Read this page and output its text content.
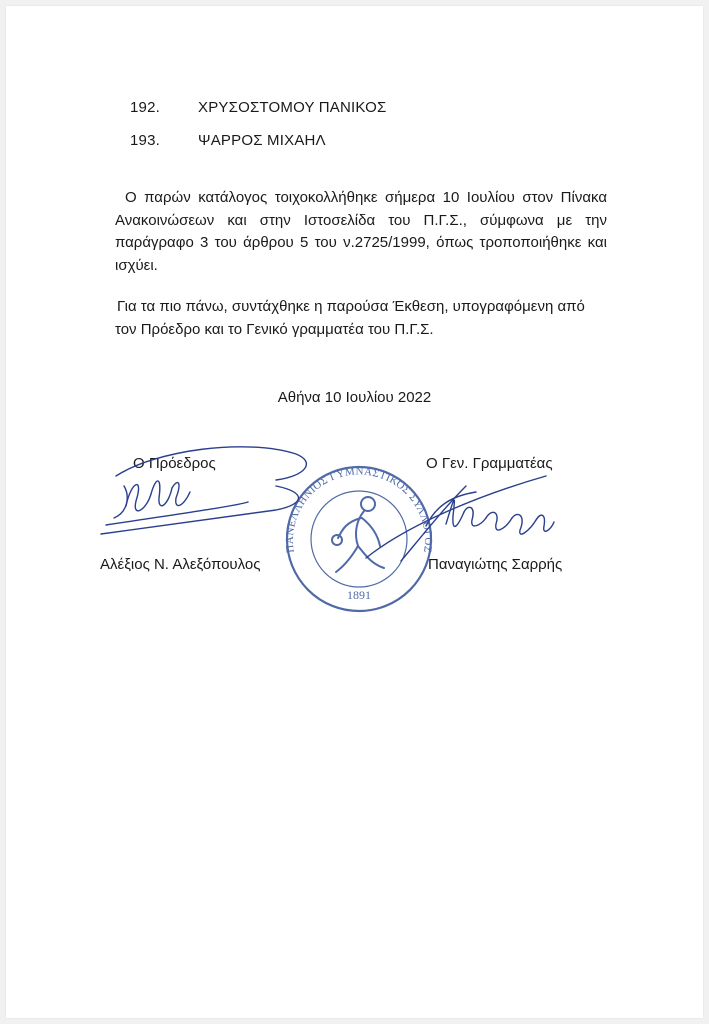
192.	ΧΡΥΣΟΣΤΟΜΟΥ ΠΑΝΙΚΟΣ
193.	ΨΑΡΡΟΣ ΜΙΧΑΗΛ

Ο παρών κατάλογος τοιχοκολλήθηκε σήμερα 10 Ιουλίου στον Πίνακα Ανακοινώσεων και στην Ιστοσελίδα του Π.Γ.Σ., σύμφωνα με την παράγραφο 3 του άρθρου 5 του ν.2725/1999, όπως τροποποιήθηκε και ισχύει.

Για τα πιο πάνω, συντάχθηκε η παρούσα Έκθεση, υπογραφόμενη από τον Πρόεδρο και το Γενικό γραμματέα του Π.Γ.Σ.

Αθήνα 10 Ιουλίου 2022
Ο Πρόεδρος	Ο Γεν. Γραμματέας
Αλέξιος Ν. Αλεξόπουλος	Παναγιώτης Σαρρής
ΠΑΝΕΛΛΗΝΙΟΣ ΓΥΜΝΑΣΤΙΚΟΣ ΣΥΛΛΟΓΟΣ
1891
